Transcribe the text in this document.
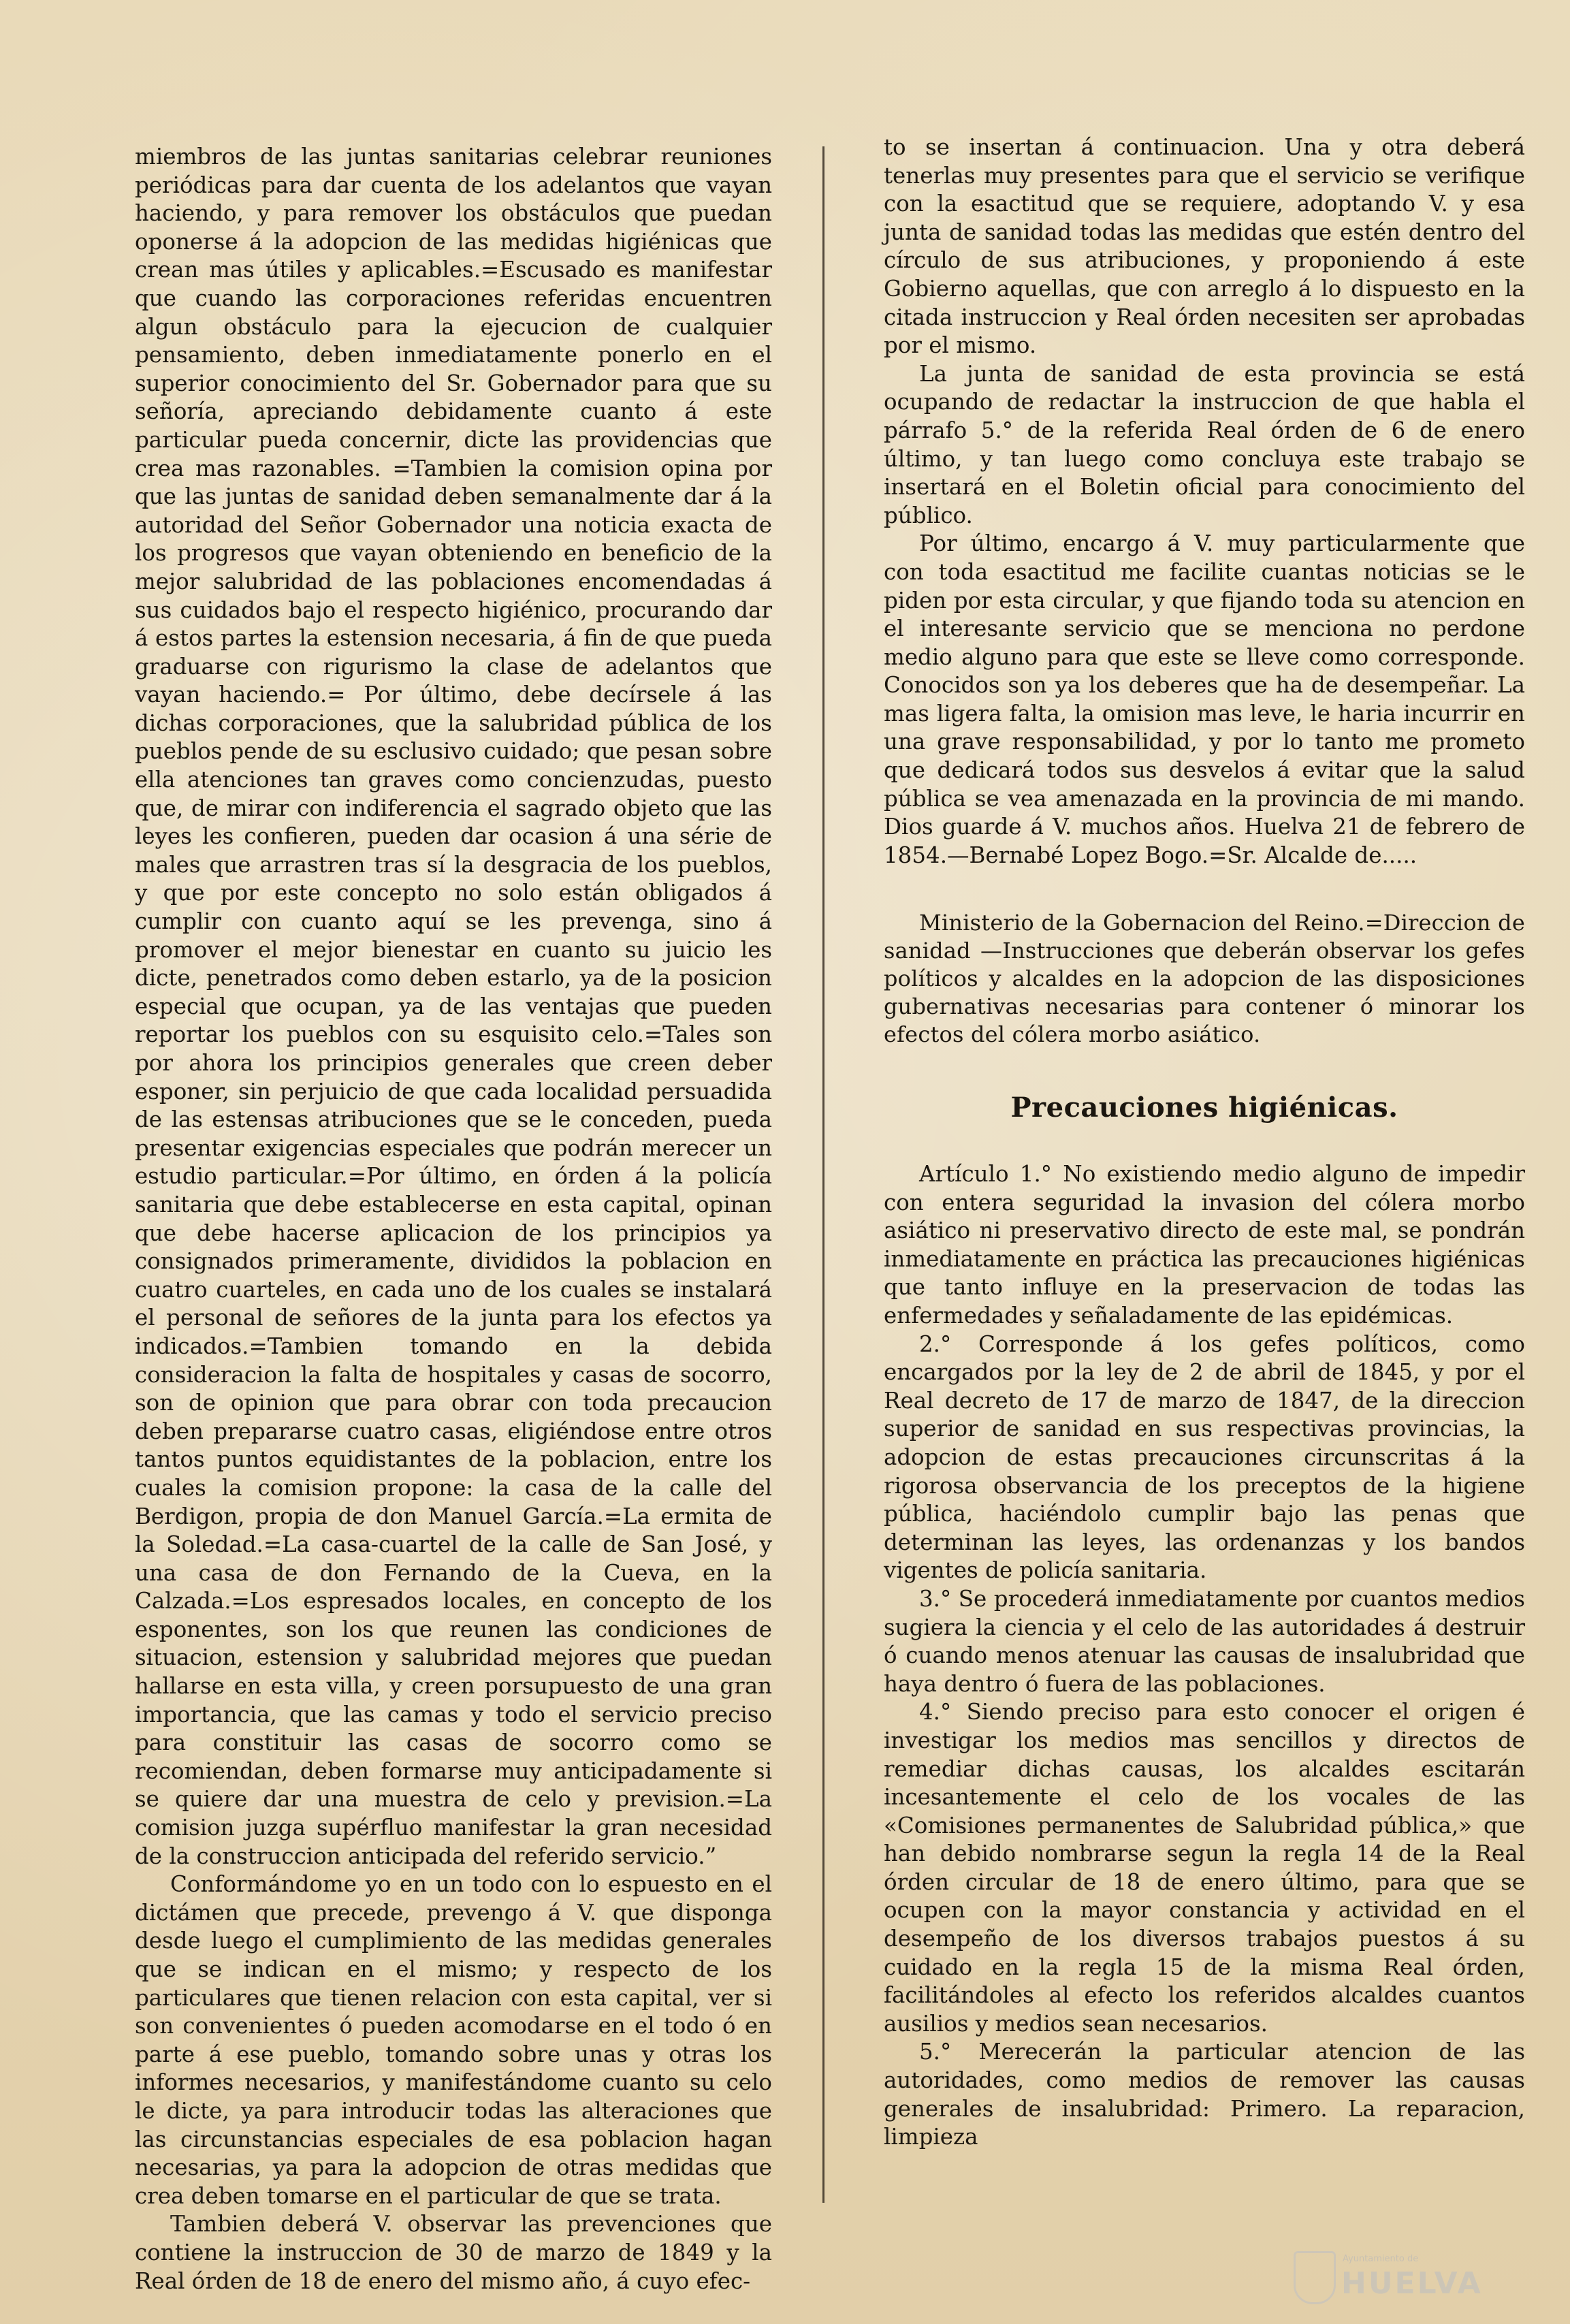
miembros de las juntas sanitarias celebrar reuniones periódicas para dar cuenta de los adelantos que vayan haciendo, y para remover los obstáculos que puedan oponerse á la adopcion de las medidas higiénicas que crean mas útiles y aplicables.=Escusado es manifestar que cuando las corporaciones referidas encuentren algun obstáculo para la ejecucion de cualquier pensamiento, deben inmediatamente ponerlo en el superior conocimiento del Sr. Gobernador para que su señoría, apreciando debidamente cuanto á este particular pueda concernir, dicte las providencias que crea mas razonables. =Tambien la comision opina por que las juntas de sanidad deben semanalmente dar á la autoridad del Señor Gobernador una noticia exacta de los progresos que vayan obteniendo en beneficio de la mejor salubridad de las poblaciones encomendadas á sus cuidados bajo el respecto higiénico, procurando dar á estos partes la estension necesaria, á fin de que pueda graduarse con rigurismo la clase de adelantos que vayan haciendo.= Por último, debe decírsele á las dichas corporaciones, que la salubridad pública de los pueblos pende de su esclusivo cuidado; que pesan sobre ella atenciones tan graves como concienzudas, puesto que, de mirar con indiferencia el sagrado objeto que las leyes les confieren, pueden dar ocasion á una série de males que arrastren tras sí la desgracia de los pueblos, y que por este concepto no solo están obligados á cumplir con cuanto aquí se les prevenga, sino á promover el mejor bienestar en cuanto su juicio les dicte, penetrados como deben estarlo, ya de la posicion especial que ocupan, ya de las ventajas que pueden reportar los pueblos con su esquisito celo.=Tales son por ahora los principios generales que creen deber esponer, sin perjuicio de que cada localidad persuadida de las estensas atribuciones que se le conceden, pueda presentar exigencias especiales que podrán merecer un estudio particular.=Por último, en órden á la policía sanitaria que debe establecerse en esta capital, opinan que debe hacerse aplicacion de los principios ya consignados primeramente, divididos la poblacion en cuatro cuarteles, en cada uno de los cuales se instalará el personal de señores de la junta para los efectos ya indicados.=Tambien tomando en la debida consideracion la falta de hospitales y casas de socorro, son de opinion que para obrar con toda precaucion deben prepararse cuatro casas, eligiéndose entre otros tantos puntos equidistantes de la poblacion, entre los cuales la comision propone: la casa de la calle del Berdigon, propia de don Manuel García.=La ermita de la Soledad.=La casa-cuartel de la calle de San José, y una casa de don Fernando de la Cueva, en la Calzada.=Los espresados locales, en concepto de los esponentes, son los que reunen las condiciones de situacion, estension y salubridad mejores que puedan hallarse en esta villa, y creen porsupuesto de una gran importancia, que las camas y todo el servicio preciso para constituir las casas de socorro como se recomiendan, deben formarse muy anticipadamente si se quiere dar una muestra de celo y prevision.=La comision juzga supérfluo manifestar la gran necesidad de la construccion anticipada del referido servicio.”

Conformándome yo en un todo con lo espuesto en el dictámen que precede, prevengo á V. que disponga desde luego el cumplimiento de las medidas generales que se indican en el mismo; y respecto de los particulares que tienen relacion con esta capital, ver si son convenientes ó pueden acomodarse en el todo ó en parte á ese pueblo, tomando sobre unas y otras los informes necesarios, y manifestándome cuanto su celo le dicte, ya para introducir todas las alteraciones que las circunstancias especiales de esa poblacion hagan necesarias, ya para la adopcion de otras medidas que crea deben tomarse en el particular de que se trata.

Tambien deberá V. observar las prevenciones que contiene la instruccion de 30 de marzo de 1849 y la Real órden de 18 de enero del mismo año, á cuyo efec-

to se insertan á continuacion. Una y otra deberá tenerlas muy presentes para que el servicio se verifique con la esactitud que se requiere, adoptando V. y esa junta de sanidad todas las medidas que estén dentro del círculo de sus atribuciones, y proponiendo á este Gobierno aquellas, que con arreglo á lo dispuesto en la citada instruccion y Real órden necesiten ser aprobadas por el mismo.

La junta de sanidad de esta provincia se está ocupando de redactar la instruccion de que habla el párrafo 5.° de la referida Real órden de 6 de enero último, y tan luego como concluya este trabajo se insertará en el Boletin oficial para conocimiento del público.

Por último, encargo á V. muy particularmente que con toda esactitud me facilite cuantas noticias se le piden por esta circular, y que fijando toda su atencion en el interesante servicio que se menciona no perdone medio alguno para que este se lleve como corresponde. Conocidos son ya los deberes que ha de desempeñar. La mas ligera falta, la omision mas leve, le haria incurrir en una grave responsabilidad, y por lo tanto me prometo que dedicará todos sus desvelos á evitar que la salud pública se vea amenazada en la provincia de mi mando. Dios guarde á V. muchos años. Huelva 21 de febrero de 1854.—Bernabé Lopez Bogo.=Sr. Alcalde de.....

Ministerio de la Gobernacion del Reino.=Direccion de sanidad —Instrucciones que deberán observar los gefes políticos y alcaldes en la adopcion de las disposiciones gubernativas necesarias para contener ó minorar los efectos del cólera morbo asiático.

Precauciones higiénicas.

Artículo 1.° No existiendo medio alguno de impedir con entera seguridad la invasion del cólera morbo asiático ni preservativo directo de este mal, se pondrán inmediatamente en práctica las precauciones higiénicas que tanto influye en la preservacion de todas las enfermedades y señaladamente de las epidémicas.

2.° Corresponde á los gefes políticos, como encargados por la ley de 2 de abril de 1845, y por el Real decreto de 17 de marzo de 1847, de la direccion superior de sanidad en sus respectivas provincias, la adopcion de estas precauciones circunscritas á la rigorosa observancia de los preceptos de la higiene pública, haciéndolo cumplir bajo las penas que determinan las leyes, las ordenanzas y los bandos vigentes de policía sanitaria.

3.° Se procederá inmediatamente por cuantos medios sugiera la ciencia y el celo de las autoridades á destruir ó cuando menos atenuar las causas de insalubridad que haya dentro ó fuera de las poblaciones.

4.° Siendo preciso para esto conocer el origen é investigar los medios mas sencillos y directos de remediar dichas causas, los alcaldes escitarán incesantemente el celo de los vocales de las «Comisiones permanentes de Salubridad pública,» que han debido nombrarse segun la regla 14 de la Real órden circular de 18 de enero último, para que se ocupen con la mayor constancia y actividad en el desempeño de los diversos trabajos puestos á su cuidado en la regla 15 de la misma Real órden, facilitándoles al efecto los referidos alcaldes cuantos ausilios y medios sean necesarios.

5.° Merecerán la particular atencion de las autoridades, como medios de remover las causas generales de insalubridad: Primero. La reparacion, limpieza

Ayuntamiento de
HUELVA
